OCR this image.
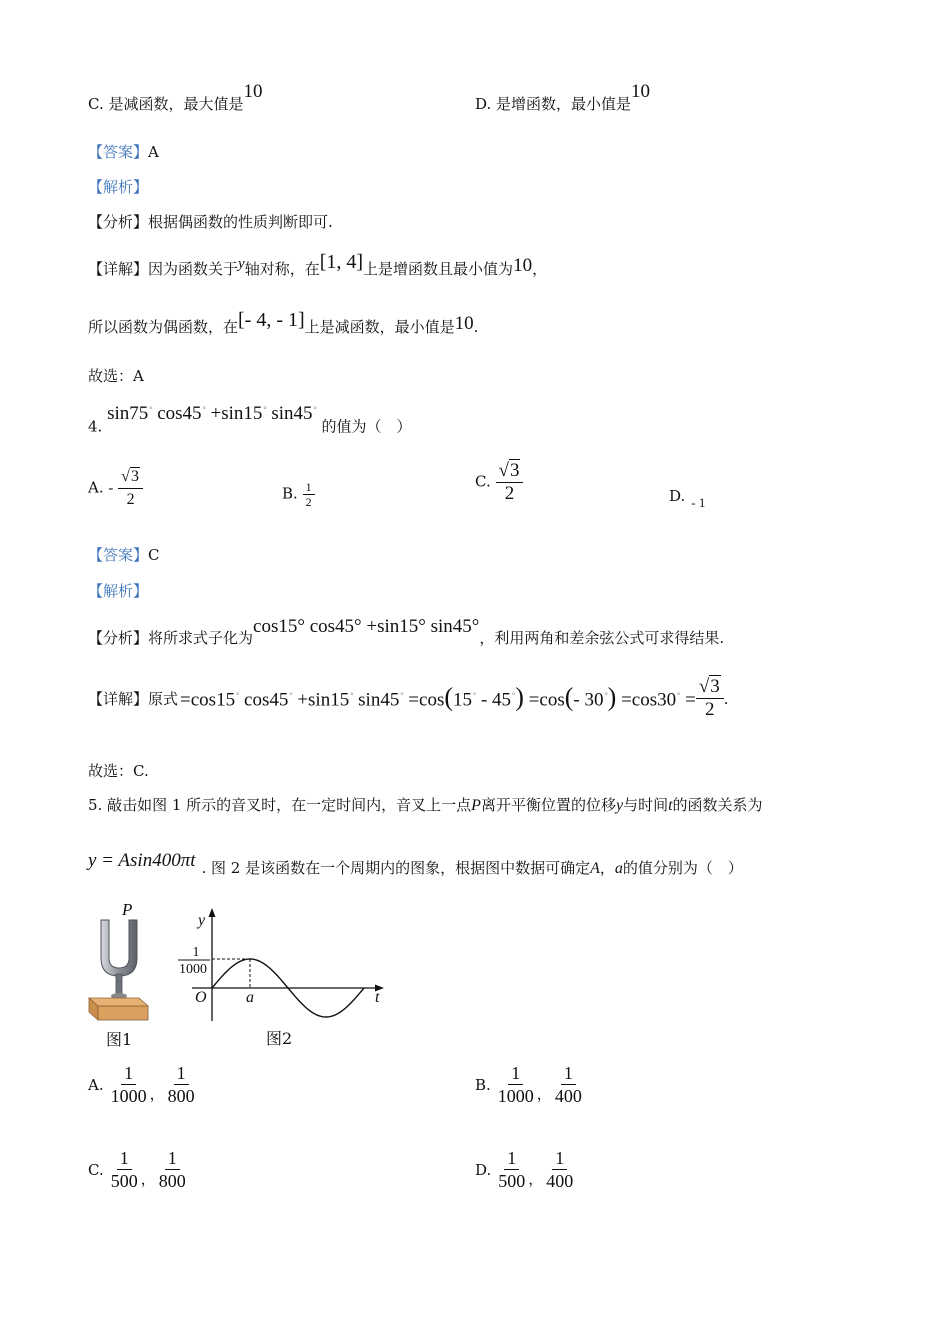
C. 是减函数，最大值是10
D. 是增函数，最小值是10
【答案】A
【解析】
【分析】根据偶函数的性质判断即可.
【详解】因为函数关于y轴对称，在[1, 4]上是增函数且最小值为10，
所以函数为偶函数，在[- 4, - 1]上是减函数，最小值是10.
故选：A
4. sin75° cos45° +sin15° sin45° 的值为（　）
A. - $\frac{√3}{2}$	B. $\frac{1}{2}$	C. $\frac{√3}{2}$	D. - 1
【答案】C
【解析】
【分析】将所求式子化为cos15° cos45° +sin15° sin45°，利用两角和差余弦公式可求得结果.
【详解】 原式 =cos15° cos45° +sin15° sin45° =cos(15° - 45°) =cos(- $30^\circ) =\cos 30^\circ = \frac{√3}{2}$ .
故选：C.
5. 敲击如图 1 所示的音叉时，在一定时间内，音叉上一点P离开平衡位置的位移y与时间t的函数关系为
y = Asin400πt . 图 2 是该函数在一个周期内的图象，根据图中数据可确定A，a的值分别为（　）
P
图1
y
t
O a
1
1000
图2
A. $\frac{1}{1000}$ ， $\frac{1}{800}$	B. $\frac{1}{1000}$ ， $\frac{1}{400}$
C. $\frac{1}{500}$ ， $\frac{1}{800}$	D. $\frac{1}{500}$ ， $\frac{1}{400}$
